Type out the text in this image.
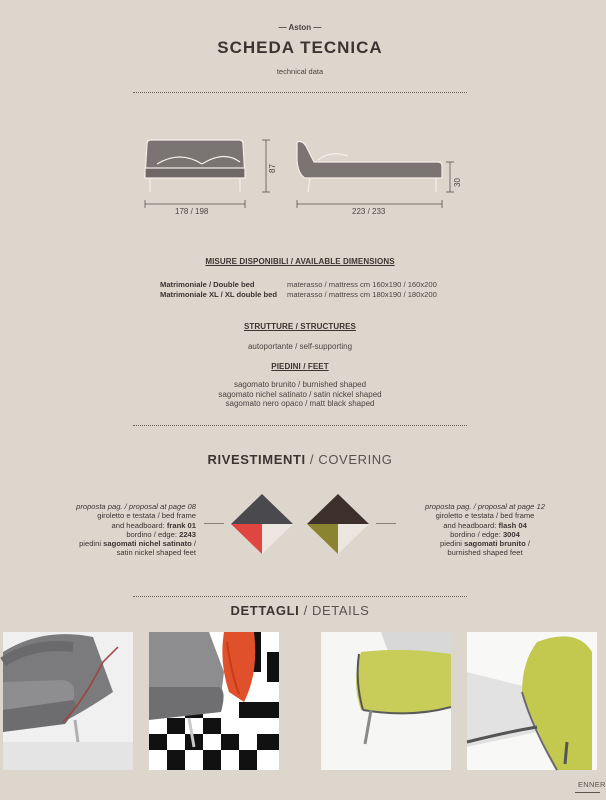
— Aston —
SCHEDA TECNICA
technical data
178 / 198
87
223 / 233
30
MISURE DISPONIBILI / AVAILABLE DIMENSIONS
Matrimoniale / Double bed	materasso / mattress cm 160x190 / 160x200
Matrimoniale XL / XL double bed	materasso / mattress cm 180x190 / 180x200
STRUTTURE / STRUCTURES
autoportante / self-supporting
PIEDINI / FEET
sagomato brunito / burnished shaped
sagomato nichel satinato / satin nickel shaped
sagomato nero opaco / matt black shaped
RIVESTIMENTI / COVERING
proposta pag. / proposal at page 08
giroletto e testata / bed frame
and headboard: frank 01
bordino / edge: 2243
piedini sagomati nichel satinato /
satin nickel shaped feet
proposta pag. / proposal at page 12
giroletto e testata / bed frame
and headboard: flash 04
bordino / edge: 3004
piedini sagomati brunito /
burnished shaped feet
DETTAGLI / DETAILS
ENNER
